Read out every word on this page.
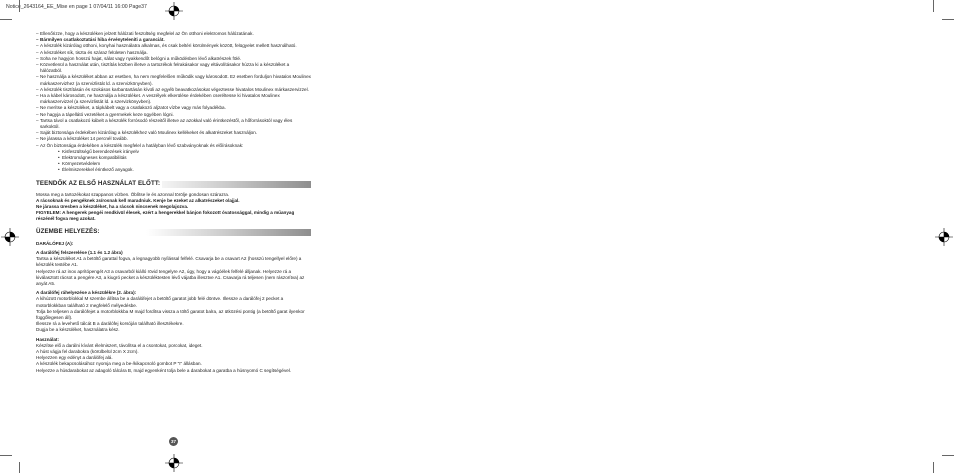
Notice_2643164_EE_Mise en page 1 07/04/11 16:00 Page37
– Ellenőrizze, hogy a készüléken jelzett hálózati feszültség megfelel az Ön otthoni elektromos hálózatának.
– Bármilyen csatlakoztatási hiba érvényteleníti a garanciát.
– A készülék kizárólag otthoni, konyhai használatra alkalmas, és csak beltéri körülmények között, felügyelet mellett használható.
– A készüléket sík, tiszta és száraz felületen használja.
– Soha ne hagyjon hosszú hajat, sálat vagy nyakkendőt belógni a működésben lévő alkatrészek fölé.
– Közvetlenül a használat után, tisztítás közben illetve a tartozékok felrakásakor vagy eltávolításakor húzza ki a készüléket a hálózatból.
– Ne használja a készüléket abban az esetben, ha nem megfelelően működik vagy károsodott. Ez esetben forduljon hivatalos Moulinex márkaszervizhez (a szervizlistát ld. a szervizkönyvben).
– A készülék tisztításán és szokásos karbantartásán kívüli az egyéb beavatkozásokat végeztesse hivatalos Moulinex márkaszervizzel.
– Ha a kábel károsodott, ne használja a készüléket. A veszélyek elkerülése érdekében cseréltesse ki hivatalos Moulinex márkaszervizzel (a szervizlistát ld. a szervizkönyvben).
– Ne merítse a készüléket, a tápkábelt vagy a csatlakozó aljzatot vízbe vagy más folyadékba.
– Ne hagyja a tápellátó vezetéket a gyermekek keze ügyében lógni.
– Tartsa távol a csatlakozó kábelt a készülék forrósodó részeitől illetve az azokkal való érintkezéstől, a hőforrásoktól vagy éles sarkoktól.
– Saját biztonsága érdekében kizárólag a készülékhez való Moulinex kellékeket és alkatrészeket használjon.
– Ne járassa a készüléket 14 percnél tovább.
– Az Ön biztonsága érdekében a készülék megfelel a hatályban lévő szabványoknak és előírásoknak:
• Kisfeszültségű berendezések irányelv
• Elektromágneses kompatibilitás
• Környezetvédelem
• Élelmiszerekkel érintkező anyagok.
TEENDŐK AZ ELSŐ HASZNÁLAT ELŐTT:
Mossa meg a tartozékokat szappanos vízben. Öblítse le és azonnal törölje gondosan szárazra.
A rácsoknak és pengéknek zsírosnak kell maradniuk. Kenje be ezeket az alkatrészeket olajjal.
Ne járassa üresben a készüléket, ha a rácsok nincsenek megolajozva.
FIGYELEM: A hengerek pengéi rendkívül élesek, ezért a hengerekkel bánjon fokozott óvatossággal, mindig a műanyag részénél fogva meg azokat.
ÜZEMBE HELYEZÉS:
DARÁLÓFEJ (A):
A darálófej felszerelése (1.1 és 1.2 ábra)
Tartsa a készüléket A1 a betöltő garattal fogva, a legnagyobb nyílással felfelé. Csavarja be a csavart A2 (hosszú tengellyel előre) a készülék testébe A1.
Helyezze rá az inox aprítópengét A3 a csavarból kiálló rövid tengelyre A2, úgy, hogy a vágóélek felfelé álljanak. Helyezze rá a kiválasztott rácsot a pengére A3, a kiugró pecket a készüléktesten lévő vájatba illesztve A1. Csavarja rá teljesen (nem rászorítva) az anyát A5.
A darálófej ráhelyezése a készülékre (2. ábra):
A kihúzott motorblokkal M szembe állítsa be a darálófejet a betöltő garatot jobb felé döntve. Illessze a darálófej 2 pecket a motorblokkban található 2 megfelelő mélyedésbe.
Tolja be teljesen a darálófejet a motorblokkba M majd fordítsa vissza a töltő garatot balra, az ütközési pontig (a betöltő garat ilyenkor függőlegesen áll).
Illessze rá a levehető tálcát B a darálófej korsóján található illesztékekre.
Dugja be a készüléket, használatra kész.
Használat:
Készítse elő a darálni kívánt élelmiszert, távolítsa el a csontokat, porcokat, ideget.
A húst vágja fel darabokra (körülbelül 2cm X 2cm).
Helyezzen egy edényt a darálófej alá.
A készülék bekapcsolásához nyomja meg a be-/kikapcsoló gombot P "I" állásban.
Helyezze a húsdarabokat az adagoló tálcára B, majd egyenként tolja bele a darabokat a garatba a húsnyomó C segítségével.
37
